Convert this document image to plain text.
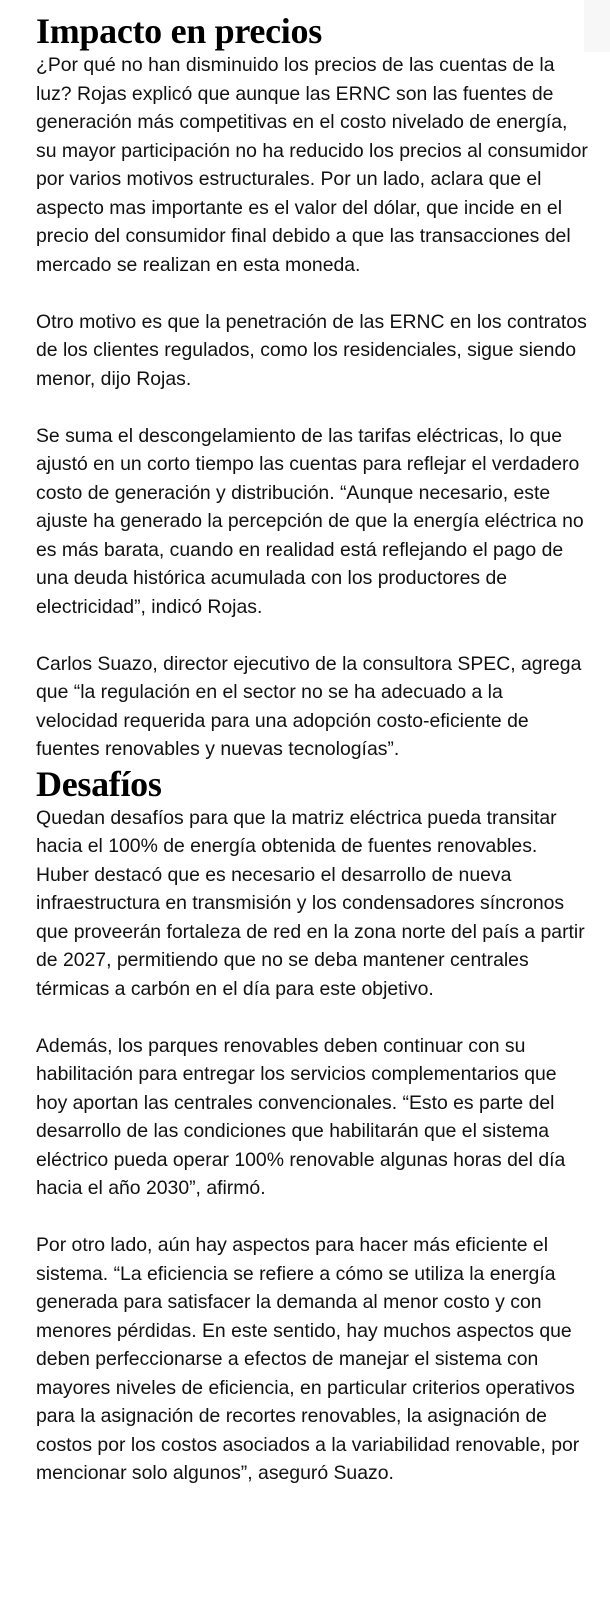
Impacto en precios

¿Por qué no han disminuido los precios de las cuentas de la luz? Rojas explicó que aunque las ERNC son las fuentes de generación más competitivas en el costo nivelado de energía, su mayor participación no ha reducido los precios al consumidor por varios motivos estructurales. Por un lado, aclara que el aspecto mas importante es el valor del dólar, que incide en el precio del consumidor final debido a que las transacciones del mercado se realizan en esta moneda.

Otro motivo es que la penetración de las ERNC en los contratos de los clientes regulados, como los residenciales, sigue siendo menor, dijo Rojas.

Se suma el descongelamiento de las tarifas eléctricas, lo que ajustó en un corto tiempo las cuentas para reflejar el verdadero costo de generación y distribución. “Aunque necesario, este ajuste ha generado la percepción de que la energía eléctrica no es más barata, cuando en realidad está reflejando el pago de una deuda histórica acumulada con los productores de electricidad”, indicó Rojas.

Carlos Suazo, director ejecutivo de la consultora SPEC, agrega que “la regulación en el sector no se ha adecuado a la velocidad requerida para una adopción costo-eficiente de fuentes renovables y nuevas tecnologías”.

Desafíos

Quedan desafíos para que la matriz eléctrica pueda transitar hacia el 100% de energía obtenida de fuentes renovables. Huber destacó que es necesario el desarrollo de nueva infraestructura en transmisión y los condensadores síncronos que proveerán fortaleza de red en la zona norte del país a partir de 2027, permitiendo que no se deba mantener centrales térmicas a carbón en el día para este objetivo.

Además, los parques renovables deben continuar con su habilitación para entregar los servicios complementarios que hoy aportan las centrales convencionales. “Esto es parte del desarrollo de las condiciones que habilitarán que el sistema eléctrico pueda operar 100% renovable algunas horas del día hacia el año 2030”, afirmó.

Por otro lado, aún hay aspectos para hacer más eficiente el sistema. “La eficiencia se refiere a cómo se utiliza la energía generada para satisfacer la demanda al menor costo y con menores pérdidas. En este sentido, hay muchos aspectos que deben perfeccionarse a efectos de manejar el sistema con mayores niveles de eficiencia, en particular criterios operativos para la asignación de recortes renovables, la asignación de costos por los costos asociados a la variabilidad renovable, por mencionar solo algunos”, aseguró Suazo.
